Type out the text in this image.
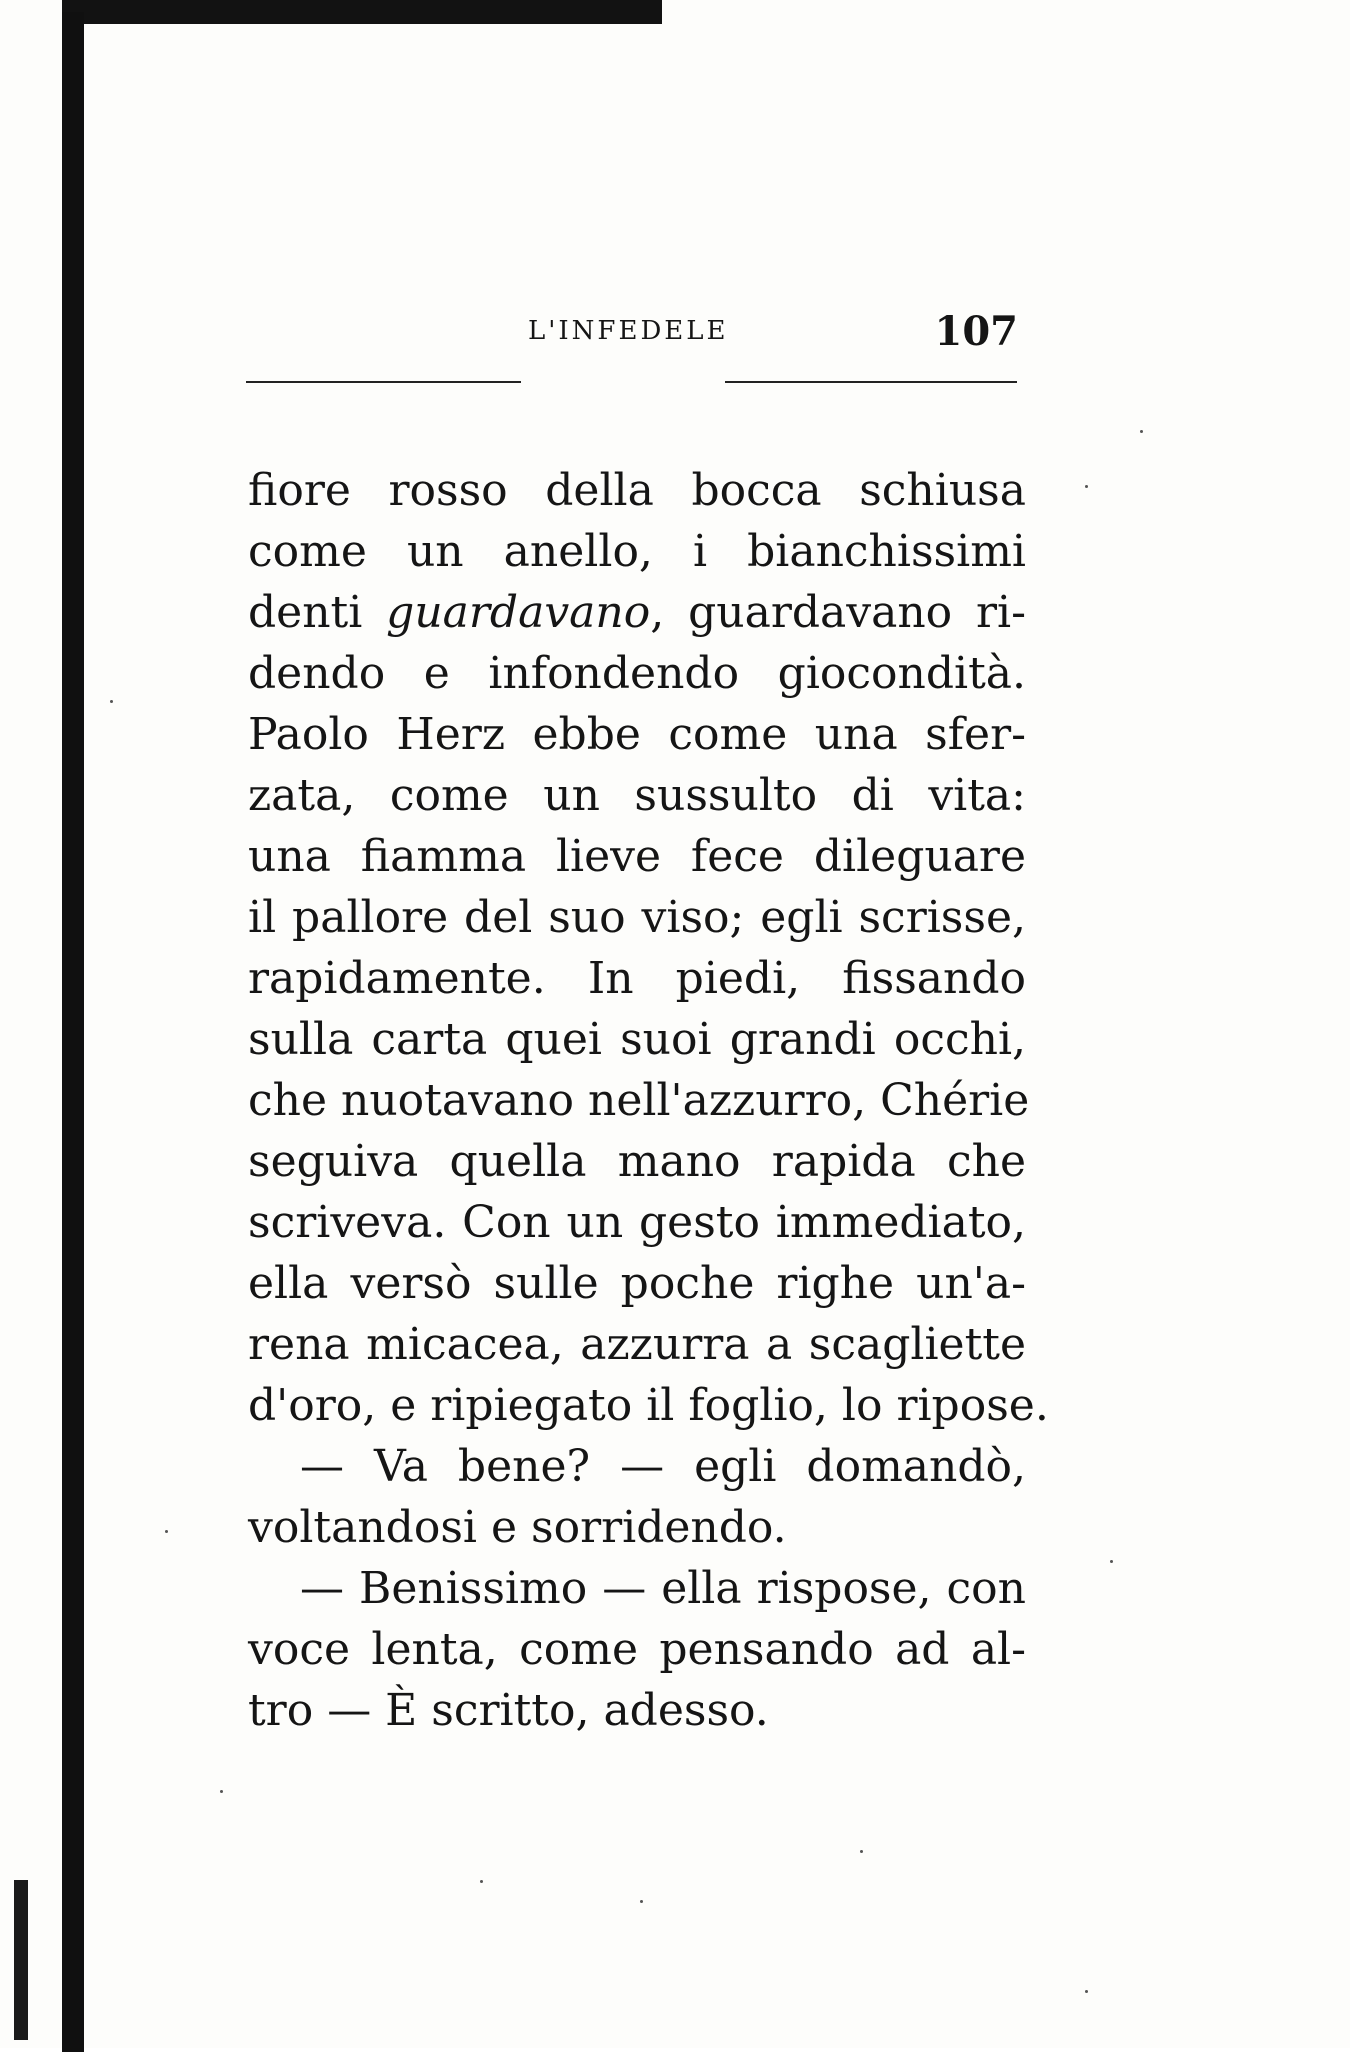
L'INFEDELE	107
fiore rosso della bocca schiusa
come un anello, i bianchissimi
denti guardavano, guardavano ri-
dendo e infondendo giocondità.
Paolo Herz ebbe come una sfer-
zata, come un sussulto di vita:
una fiamma lieve fece dileguare
il pallore del suo viso; egli scrisse,
rapidamente. In piedi, fissando
sulla carta quei suoi grandi occhi,
che nuotavano nell'azzurro, Chérie
seguiva quella mano rapida che
scriveva. Con un gesto immediato,
ella versò sulle poche righe un'a-
rena micacea, azzurra a scagliette
d'oro, e ripiegato il foglio, lo ripose.
— Va bene? — egli domandò,
voltandosi e sorridendo.
— Benissimo — ella rispose, con
voce lenta, come pensando ad al-
tro — È scritto, adesso.
